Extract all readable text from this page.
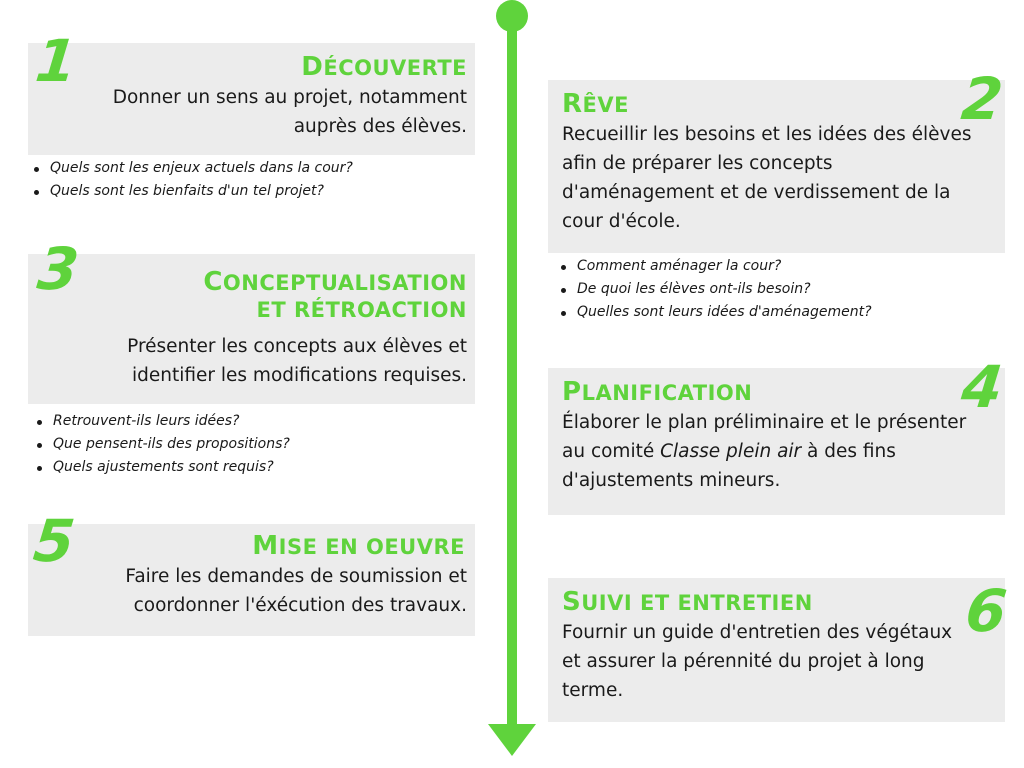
DÉCOUVERTE
Donner un sens au projet, notamment auprès des élèves.
1
Quels sont les enjeux actuels dans la cour?
Quels sont les bienfaits d'un tel projet?
RÊVE
Recueillir les besoins et les idées des élèves afin de préparer les concepts d'aménagement et de verdissement de la cour d'école.
2
Comment aménager la cour?
De quoi les élèves ont-ils besoin?
Quelles sont leurs idées d'aménagement?
CONCEPTUALISATION
ET RÉTROACTION
Présenter les concepts aux élèves et identifier les modifications requises.
3
Retrouvent-ils leurs idées?
Que pensent-ils des propositions?
Quels ajustements sont requis?
PLANIFICATION
Élaborer le plan préliminaire et le présenter au comité Classe plein air à des fins d'ajustements mineurs.
4
MISE EN OEUVRE
Faire les demandes de soumission et coordonner l'éxécution des travaux.
5
SUIVI ET ENTRETIEN
Fournir un guide d'entretien des végétaux et assurer la pérennité du projet à long terme.
6
